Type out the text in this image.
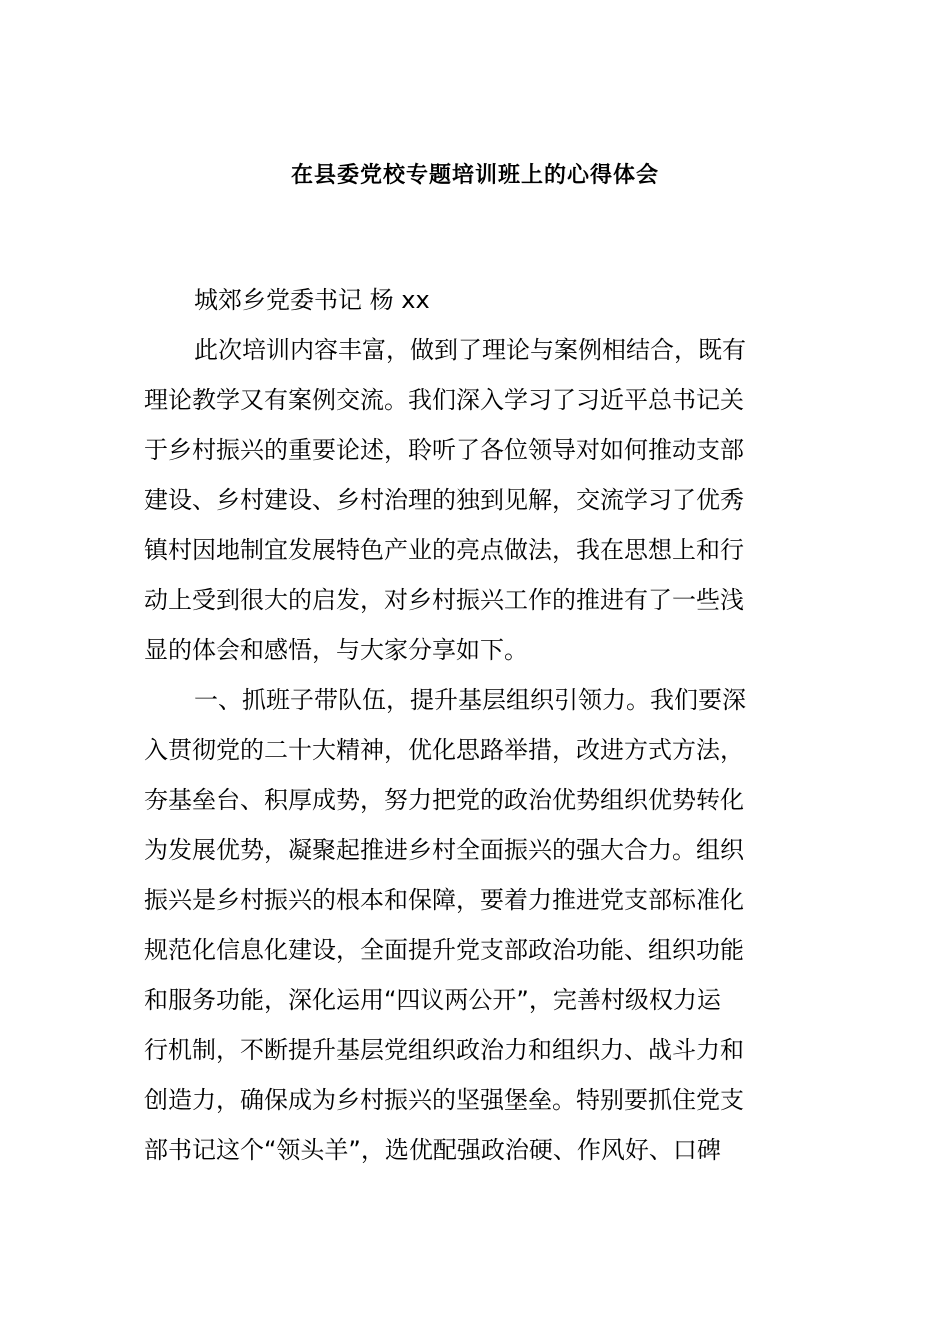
在县委党校专题培训班上的心得体会
城郊乡党委书记 杨 xx
此次培训内容丰富，做到了理论与案例相结合，既有
理论教学又有案例交流。我们深入学习了习近平总书记关
于乡村振兴的重要论述，聆听了各位领导对如何推动支部
建设、乡村建设、乡村治理的独到见解，交流学习了优秀
镇村因地制宜发展特色产业的亮点做法，我在思想上和行
动上受到很大的启发，对乡村振兴工作的推进有了一些浅
显的体会和感悟，与大家分享如下。
一、抓班子带队伍，提升基层组织引领力。我们要深
入贯彻党的二十大精神，优化思路举措，改进方式方法，
夯基垒台、积厚成势，努力把党的政治优势组织优势转化
为发展优势，凝聚起推进乡村全面振兴的强大合力。组织
振兴是乡村振兴的根本和保障，要着力推进党支部标准化
规范化信息化建设，全面提升党支部政治功能、组织功能
和服务功能，深化运用“四议两公开”，完善村级权力运
行机制，不断提升基层党组织政治力和组织力、战斗力和
创造力，确保成为乡村振兴的坚强堡垒。特别要抓住党支
部书记这个“领头羊”，选优配强政治硬、作风好、口碑
